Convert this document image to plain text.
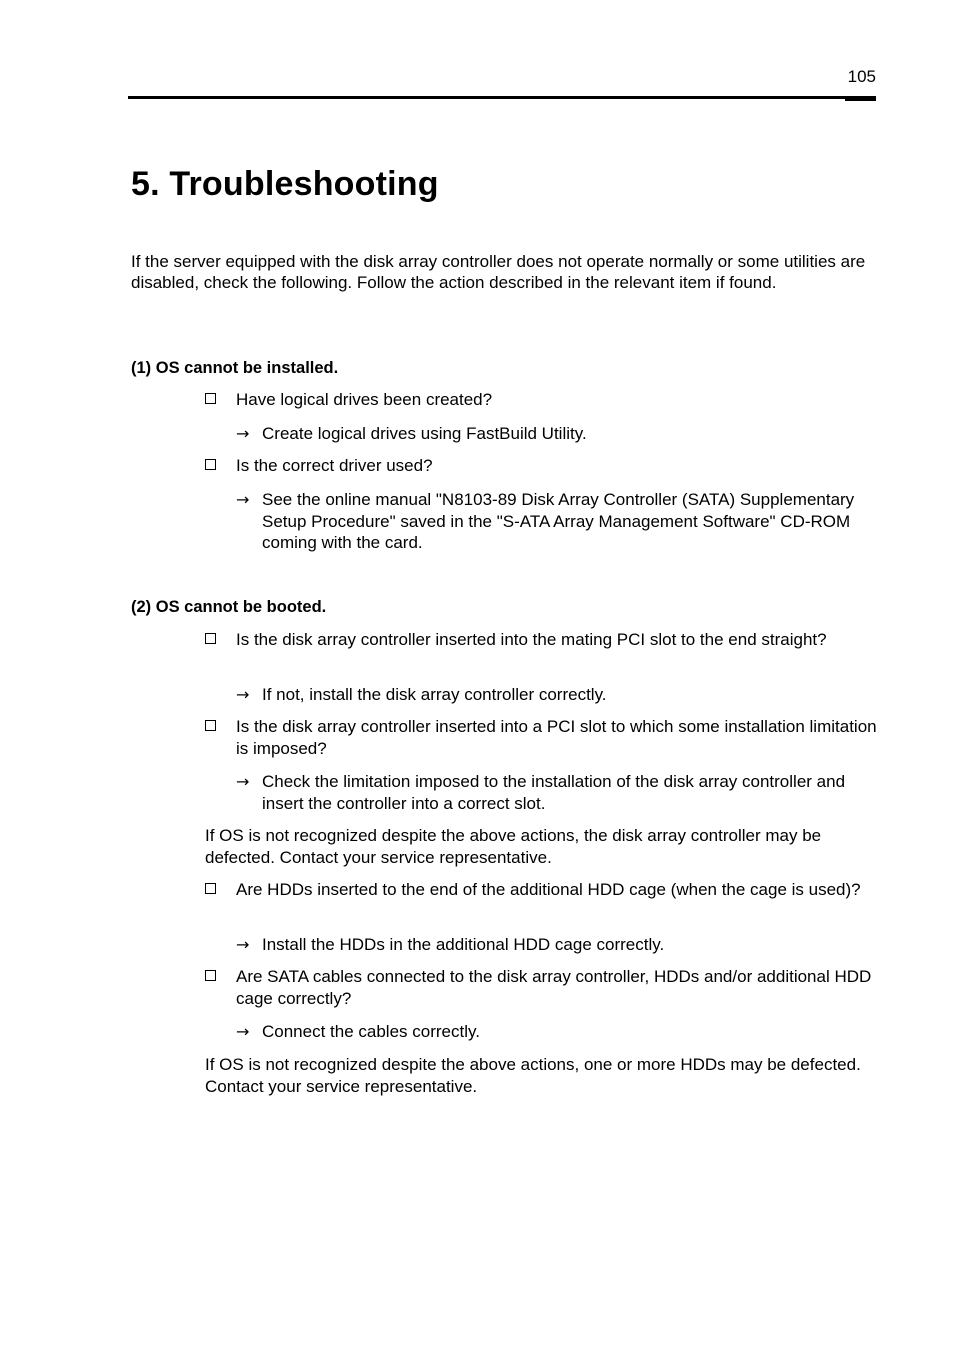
105
5. Troubleshooting

If the server equipped with the disk array controller does not operate normally or some utilities are disabled, check the following. Follow the action described in the relevant item if found.

(1) OS cannot be installed.

Have logical drives been created?
→ Create logical drives using FastBuild Utility.
Is the correct driver used?
→ See the online manual "N8103-89 Disk Array Controller (SATA) Supplementary Setup Procedure" saved in the "S-ATA Array Management Software" CD-ROM coming with the card.

(2) OS cannot be booted.

Is the disk array controller inserted into the mating PCI slot to the end straight?
→ If not, install the disk array controller correctly.
Is the disk array controller inserted into a PCI slot to which some installation limitation is imposed?
→ Check the limitation imposed to the installation of the disk array controller and insert the controller into a correct slot.

If OS is not recognized despite the above actions, the disk array controller may be defected. Contact your service representative.

Are HDDs inserted to the end of the additional HDD cage (when the cage is used)?
→ Install the HDDs in the additional HDD cage correctly.
Are SATA cables connected to the disk array controller, HDDs and/or additional HDD cage correctly?
→ Connect the cables correctly.

If OS is not recognized despite the above actions, one or more HDDs may be defected. Contact your service representative.
